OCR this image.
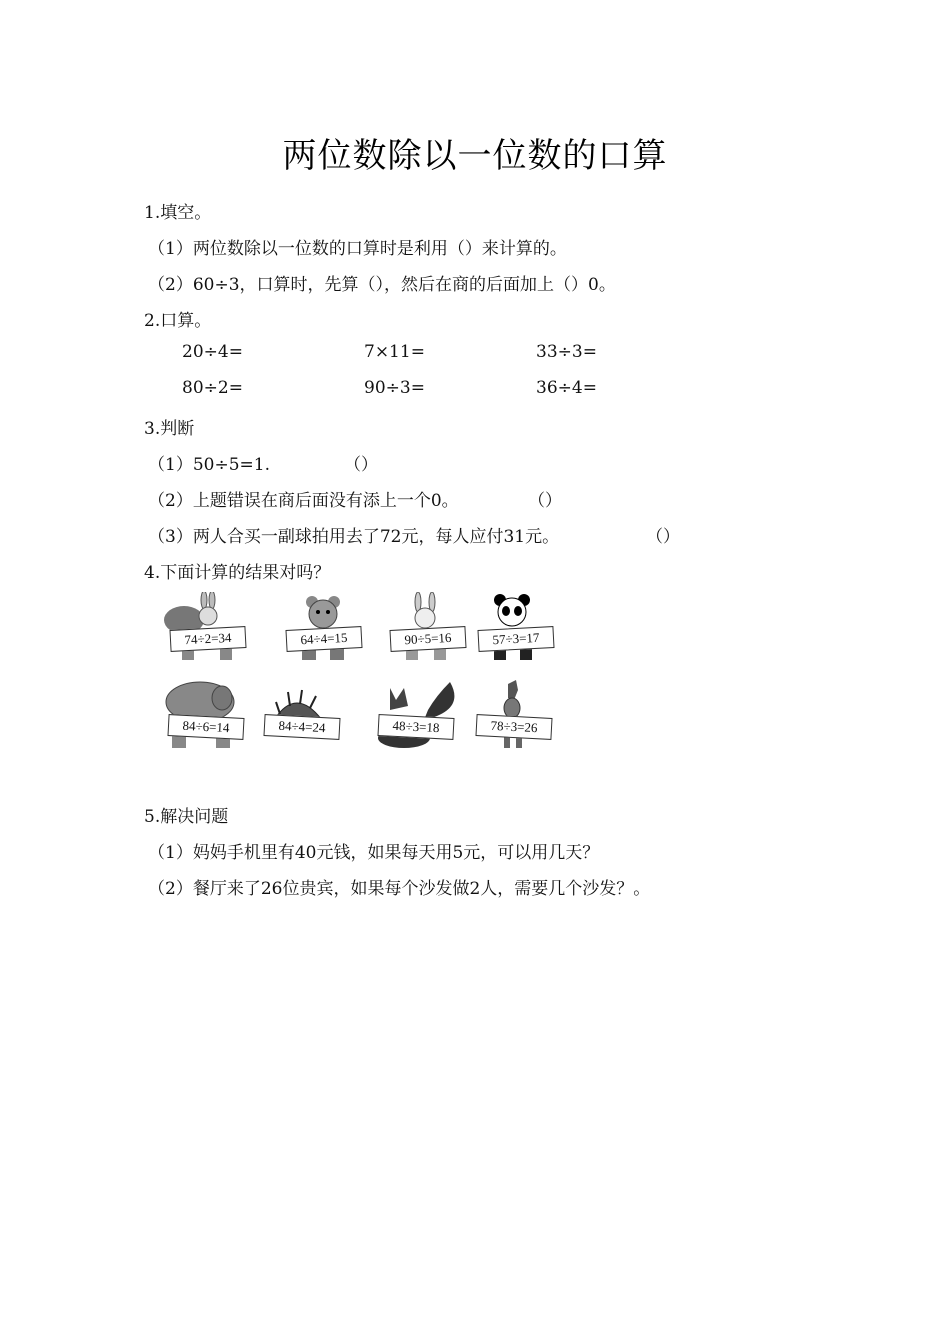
两位数除以一位数的口算
1.填空。
（1）两位数除以一位数的口算时是利用（）来计算的。
（2）60÷3，口算时，先算（），然后在商的后面加上（）0。
2.口算。
20÷4=	7×11=	33÷3=
80÷2=	90÷3=	36÷4=
3.判断
（1）50÷5=1.	（）
（2）上题错误在商后面没有添上一个0。	（）
（3）两人合买一副球拍用去了72元，每人应付31元。	（）
4.下面计算的结果对吗？
74÷2=34	64÷4=15	90÷5=16	57÷3=17
84÷6=14	84÷4=24	48÷3=18	78÷3=26
5.解决问题
（1）妈妈手机里有40元钱，如果每天用5元，可以用几天？
（2）餐厅来了26位贵宾，如果每个沙发做2人，需要几个沙发？。
